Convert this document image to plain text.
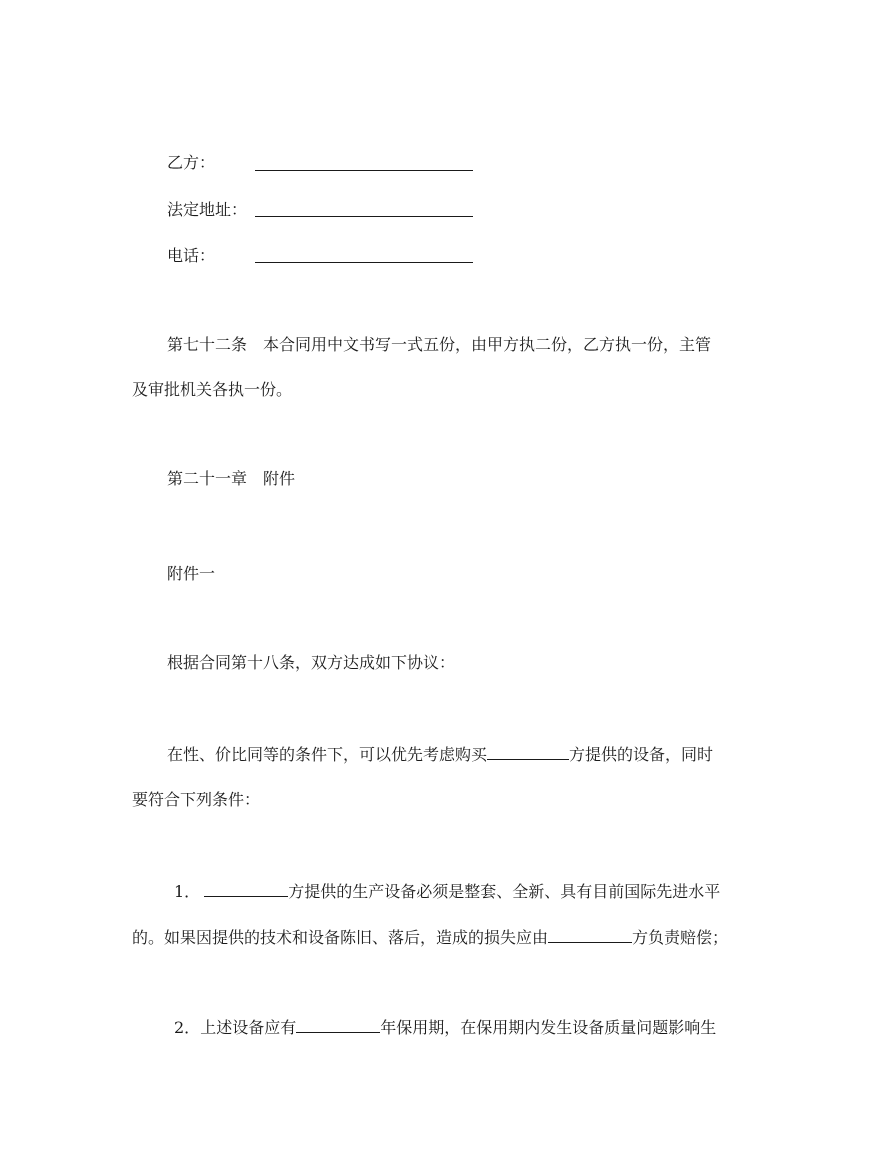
乙方：
法定地址：
电话：
第七十二条　本合同用中文书写一式五份，由甲方执二份，乙方执一份，主管
及审批机关各执一份。
第二十一章　附件
附件一
根据合同第十八条，双方达成如下协议：
在性、价比同等的条件下，可以优先考虑购买	方提供的设备，同时
要符合下列条件：
1．	方提供的生产设备必须是整套、全新、具有目前国际先进水平
的。如果因提供的技术和设备陈旧、落后，造成的损失应由	方负责赔偿；
2．上述设备应有	年保用期，在保用期内发生设备质量问题影响生
